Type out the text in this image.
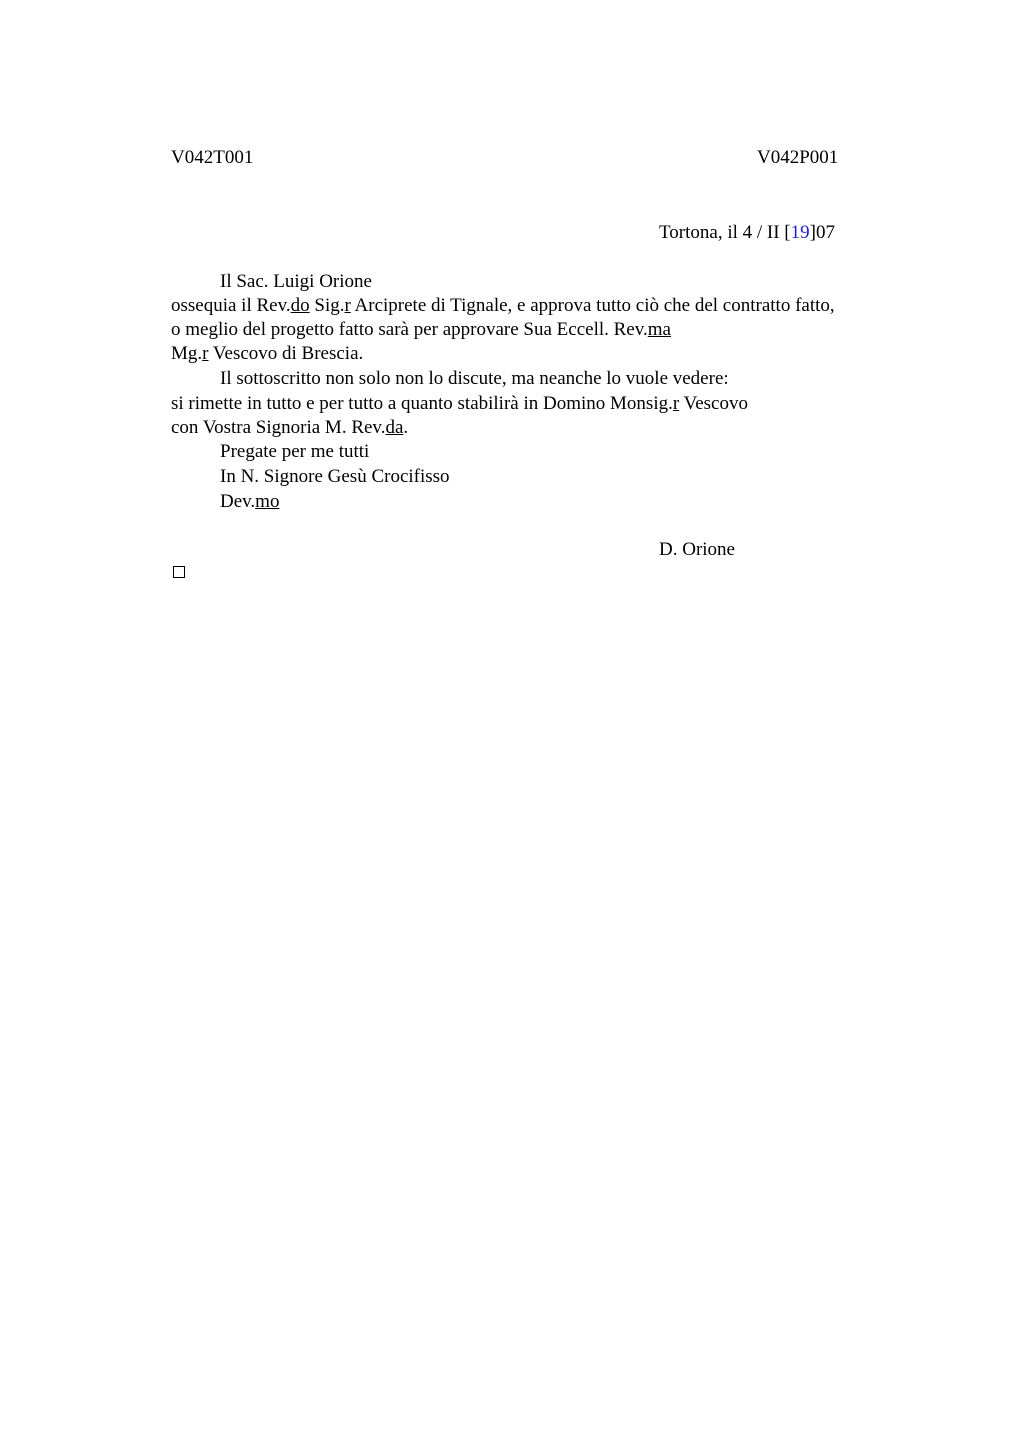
V042T001	V042P001
Tortona, il 4 / II [19]07
Il Sac. Luigi Orione
ossequia il Rev.do Sig.r Arciprete di Tignale, e approva tutto ciò che del contratto fatto,
o meglio del progetto fatto sarà per approvare Sua Eccell. Rev.ma
Mg.r Vescovo di Brescia.
Il sottoscritto non solo non lo discute, ma neanche lo vuole vedere:
si rimette in tutto e per tutto a quanto stabilirà in Domino Monsig.r Vescovo
con Vostra Signoria M. Rev.da.
Pregate per me tutti
In N. Signore Gesù Crocifisso
Dev.mo
D. Orione
